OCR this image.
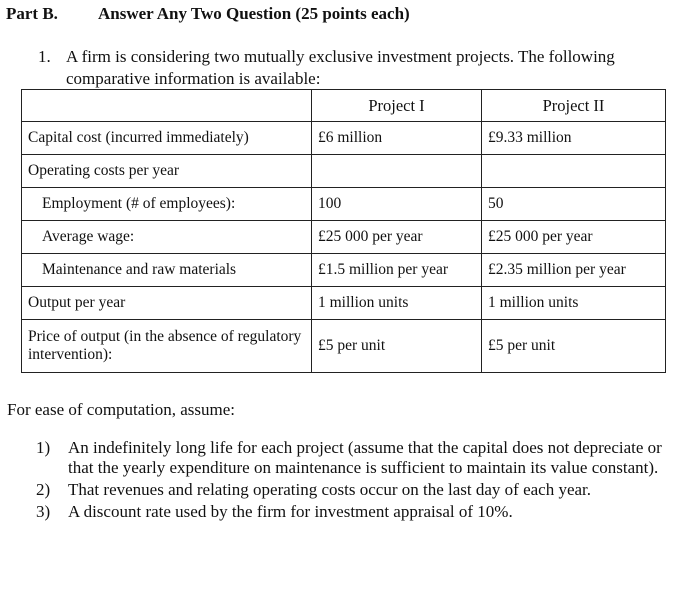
Part B. Answer Any Two Question (25 points each)
1. A firm is considering two mutually exclusive investment projects. The following comparative information is available:
	Project I	Project II
Capital cost (incurred immediately)	£6 million	£9.33 million
Operating costs per year		
Employment (# of employees):	100	50
Average wage:	£25 000 per year	£25 000 per year
Maintenance and raw materials	£1.5 million per year	£2.35 million per year
Output per year	1 million units	1 million units
Price of output (in the absence of regulatory intervention):	£5 per unit	£5 per unit
For ease of computation, assume:
1) An indefinitely long life for each project (assume that the capital does not depreciate or that the yearly expenditure on maintenance is sufficient to maintain its value constant).
2) That revenues and relating operating costs occur on the last day of each year.
3) A discount rate used by the firm for investment appraisal of 10%.
